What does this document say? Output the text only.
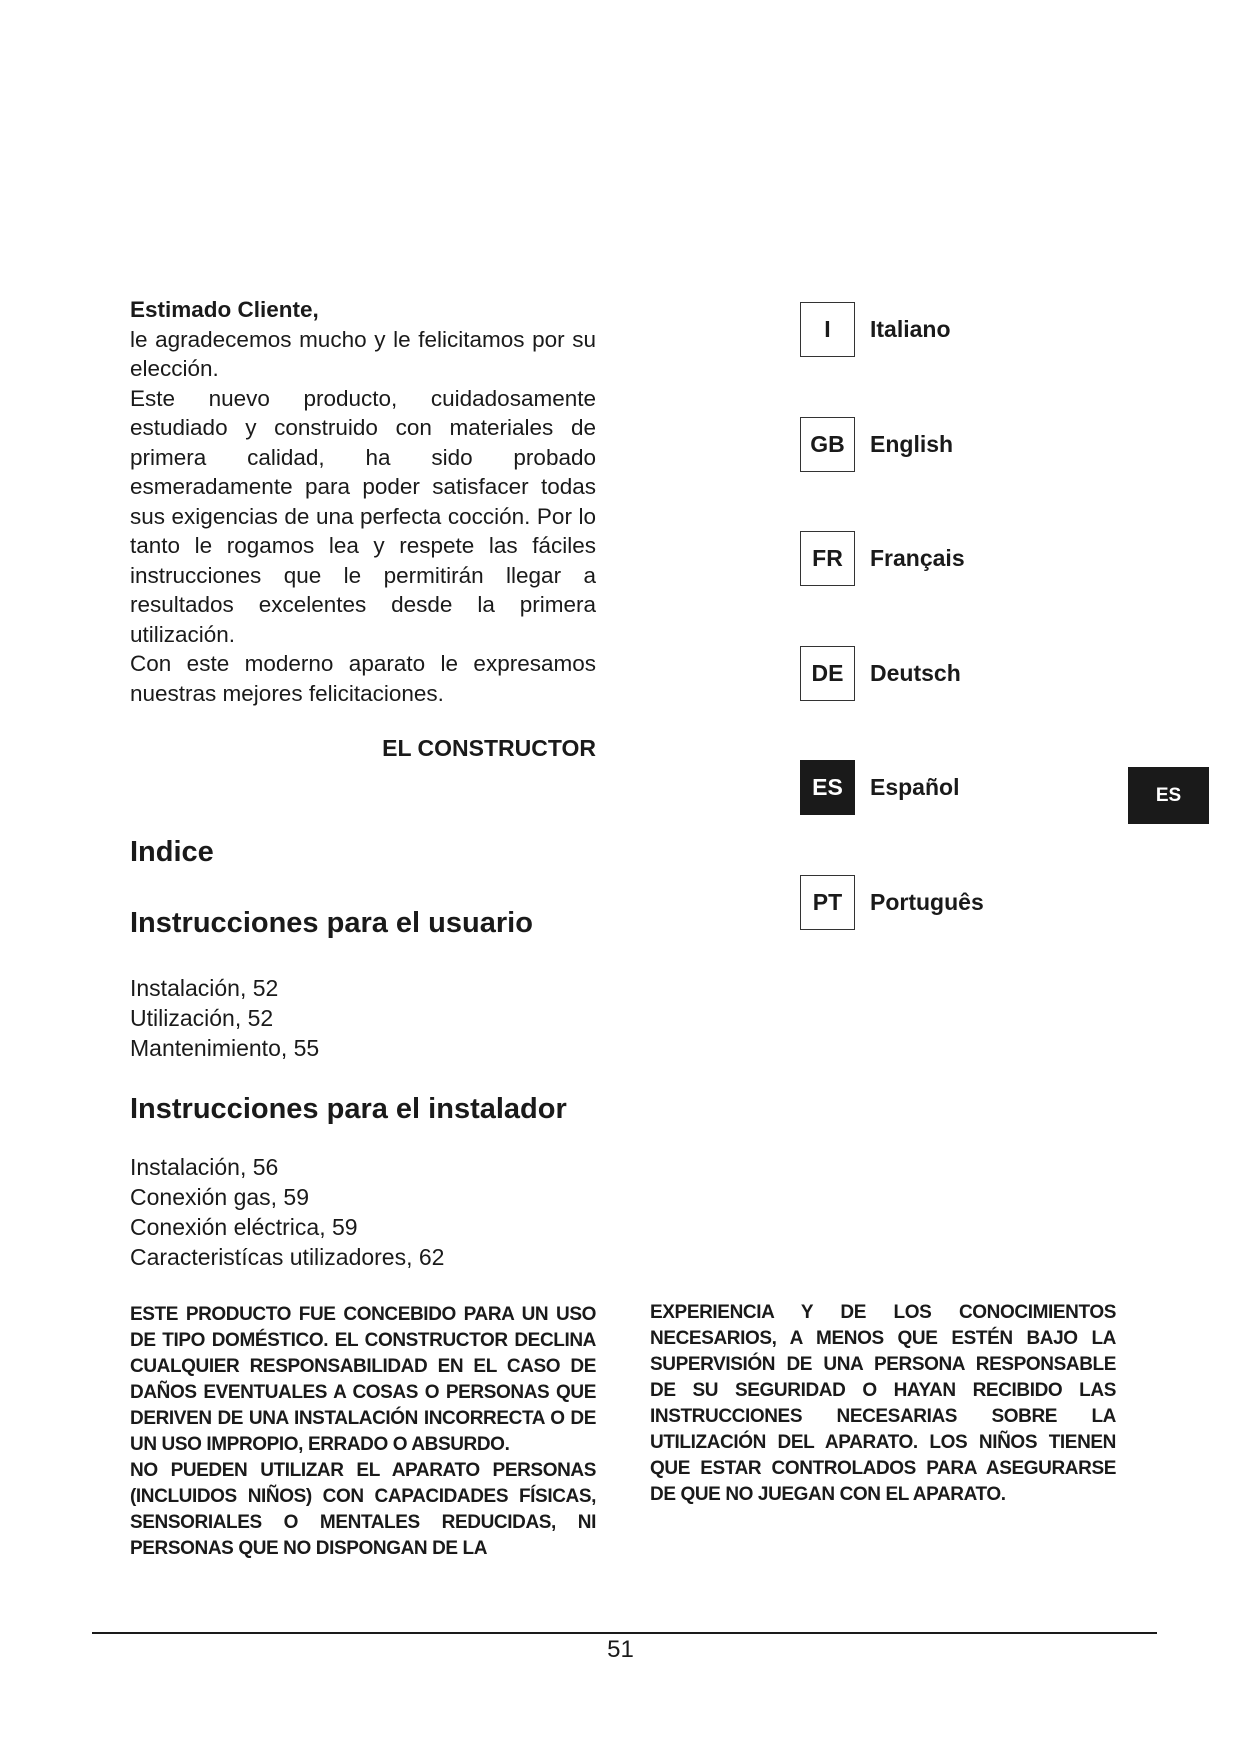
Estimado Cliente,

le agradecemos mucho y le felicitamos por su elección.

Este nuevo producto, cuidadosamente estudiado y construido con materiales de primera calidad, ha sido probado esmeradamente para poder satisfacer todas sus exigencias de una perfecta cocción. Por lo tanto le rogamos lea y respete las fáciles instrucciones que le permitirán llegar a resultados excelentes desde la primera utilización.

Con este moderno aparato le expresamos nuestras mejores felicitaciones.

EL CONSTRUCTOR
Indice
Instrucciones para el usuario
Instalación, 52
Utilización, 52
Mantenimiento, 55
Instrucciones para el instalador
Instalación, 56
Conexión gas, 59
Conexión eléctrica, 59
Caracteristícas utilizadores, 62
I	Italiano
GB	English
FR	Français
DE	Deutsch
ES	Español
PT	Português
ES

ESTE PRODUCTO FUE CONCEBIDO PARA UN USO DE TIPO DOMÉSTICO. EL CONSTRUCTOR DECLINA CUALQUIER RESPONSABILIDAD EN EL CASO DE DAÑOS EVENTUALES A COSAS O PERSONAS QUE DERIVEN DE UNA INSTALACIÓN INCORRECTA O DE UN USO IMPROPIO, ERRADO O ABSURDO.

NO PUEDEN UTILIZAR EL APARATO PERSONAS (INCLUIDOS NIÑOS) CON CAPACIDADES FÍSICAS, SENSORIALES O MENTALES REDUCIDAS, NI PERSONAS QUE NO DISPONGAN DE LA

EXPERIENCIA Y DE LOS CONOCIMIENTOS NECESARIOS, A MENOS QUE ESTÉN BAJO LA SUPERVISIÓN DE UNA PERSONA RESPONSABLE DE SU SEGURIDAD O HAYAN RECIBIDO LAS INSTRUCCIONES NECESARIAS SOBRE LA UTILIZACIÓN DEL APARATO. LOS NIÑOS TIENEN QUE ESTAR CONTROLADOS PARA ASEGURARSE DE QUE NO JUEGAN CON EL APARATO.

51
